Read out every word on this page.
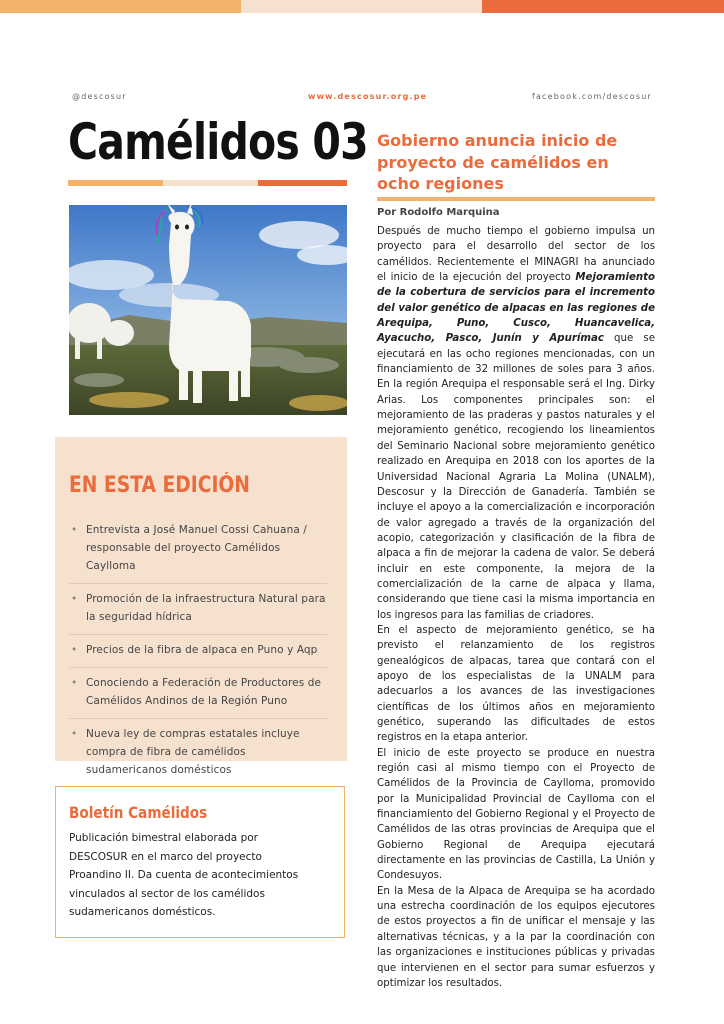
@descosur	www.descosur.org.pe	facebook.com/descosur
Camélidos 03
EN ESTA EDICIÓN
• Entrevista a José Manuel Cossi Cahuana / responsable del proyecto Camélidos Caylloma
• Promoción de la infraestructura Natural para la seguridad hídrica
• Precios de la fibra de alpaca en Puno y Aqp
• Conociendo a Federación de Productores de Camélidos Andinos de la Región Puno
• Nueva ley de compras estatales incluye compra de fibra de camélidos sudamericanos domésticos
Boletín Camélidos

Publicación bimestral elaborada por DESCOSUR en el marco del proyecto Proandino II. Da cuenta de acontecimientos vinculados al sector de los camélidos sudamericanos domésticos.

Gobierno anuncia inicio de proyecto de camélidos en ocho regiones
Por Rodolfo Marquina

Después de mucho tiempo el gobierno impulsa un proyecto para el desarrollo del sector de los camélidos. Recientemente el MINAGRI ha anunciado el inicio de la ejecución del proyecto Mejoramiento de la cobertura de servicios para el incremento del valor genético de alpacas en las regiones de Arequipa, Puno, Cusco, Huancavelica, Ayacucho, Pasco, Junín y Apurímac que se ejecutará en las ocho regiones mencionadas, con un financiamiento de 32 millones de soles para 3 años. En la región Arequipa el responsable será el Ing. Dirky Arias. Los componentes principales son: el mejoramiento de las praderas y pastos naturales y el mejoramiento genético, recogiendo los lineamientos del Seminario Nacional sobre mejoramiento genético realizado en Arequipa en 2018 con los aportes de la Universidad Nacional Agraria La Molina (UNALM), Descosur y la Dirección de Ganadería. También se incluye el apoyo a la comercialización e incorporación de valor agregado a través de la organización del acopio, categorización y clasificación de la fibra de alpaca a fin de mejorar la cadena de valor. Se deberá incluir en este componente, la mejora de la comercialización de la carne de alpaca y llama, considerando que tiene casi la misma importancia en los ingresos para las familias de criadores.

En el aspecto de mejoramiento genético, se ha previsto el relanzamiento de los registros genealógicos de alpacas, tarea que contará con el apoyo de los especialistas de la UNALM para adecuarlos a los avances de las investigaciones científicas de los últimos años en mejoramiento genético, superando las dificultades de estos registros en la etapa anterior.

El inicio de este proyecto se produce en nuestra región casi al mismo tiempo con el Proyecto de Camélidos de la Provincia de Caylloma, promovido por la Municipalidad Provincial de Caylloma con el financiamiento del Gobierno Regional y el Proyecto de Camélidos de las otras provincias de Arequipa que el Gobierno Regional de Arequipa ejecutará directamente en las provincias de Castilla, La Unión y Condesuyos.

En la Mesa de la Alpaca de Arequipa se ha acordado una estrecha coordinación de los equipos ejecutores de estos proyectos a fin de unificar el mensaje y las alternativas técnicas, y a la par la coordinación con las organizaciones e instituciones públicas y privadas que intervienen en el sector para sumar esfuerzos y optimizar los resultados.
